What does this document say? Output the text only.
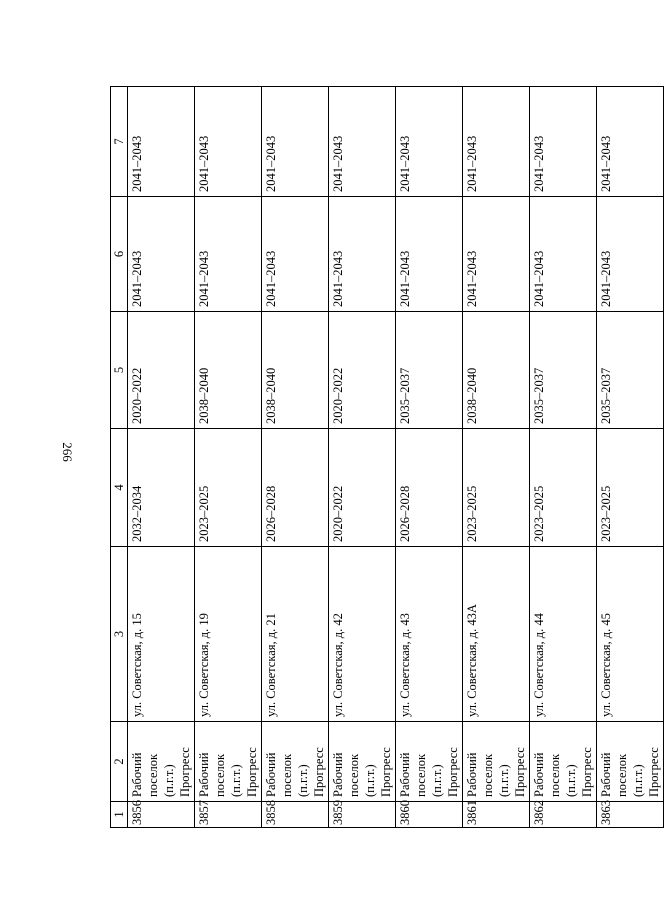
266
1	2	3	4	5	6	7
3856	Рабочий поселок (п.г.т.) Прогресс	ул. Советская, д. 15	2032–2034	2020–2022	2041–2043	2041–2043
3857	Рабочий поселок (п.г.т.) Прогресс	ул. Советская, д. 19	2023–2025	2038–2040	2041–2043	2041–2043
3858	Рабочий поселок (п.г.т.) Прогресс	ул. Советская, д. 21	2026–2028	2038–2040	2041–2043	2041–2043
3859	Рабочий поселок (п.г.т.) Прогресс	ул. Советская, д. 42	2020–2022	2020–2022	2041–2043	2041–2043
3860	Рабочий поселок (п.г.т.) Прогресс	ул. Советская, д. 43	2026–2028	2035–2037	2041–2043	2041–2043
3861	Рабочий поселок (п.г.т.) Прогресс	ул. Советская, д. 43А	2023–2025	2038–2040	2041–2043	2041–2043
3862	Рабочий поселок (п.г.т.) Прогресс	ул. Советская, д. 44	2023–2025	2035–2037	2041–2043	2041–2043
3863	Рабочий поселок (п.г.т.) Прогресс	ул. Советская, д. 45	2023–2025	2035–2037	2041–2043	2041–2043
